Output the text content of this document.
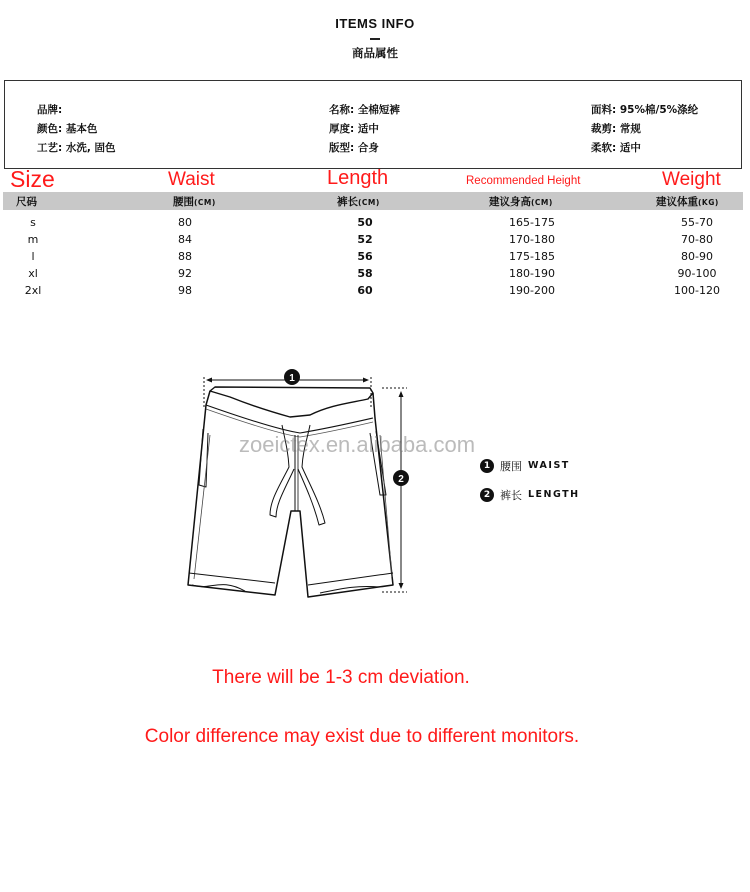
ITEMS INFO
商品属性
品牌:
颜色: 基本色
工艺: 水洗, 固色
名称: 全棉短裤
厚度: 适中
版型: 合身
面料: 95%棉/5%涤纶
裁剪: 常规
柔软: 适中
Size	Waist	Length	Recommended Height	Weight
尺码	腰围(CM)	裤长(CM)	建议身高(CM)	建议体重(KG)
s	80	50	165-175	55-70
m	84	52	170-180	70-80
l	88	56	175-185	80-90
xl	92	58	180-190	90-100
2xl	98	60	190-200	100-120
1
2
zoeictex.en.alibaba.com
1 腰围 WAIST
2 裤长 LENGTH
There will be 1-3 cm deviation.
Color difference may exist due to different monitors.
